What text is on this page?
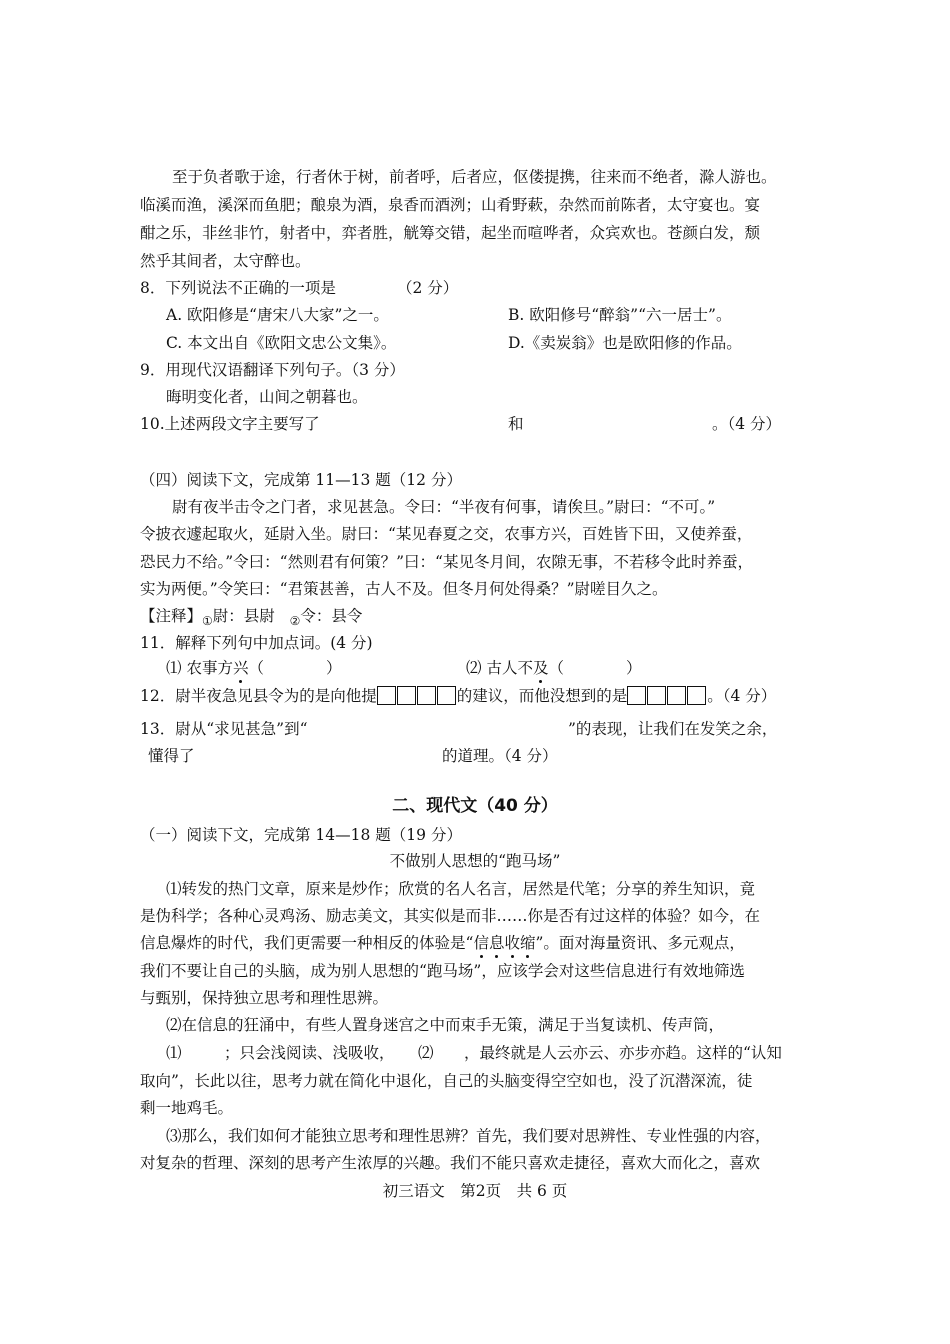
至于负者歌于途，行者休于树，前者呼，后者应，伛偻提携，往来而不绝者，滁人游也。
临溪而渔，溪深而鱼肥；酿泉为酒，泉香而酒洌；山肴野蔌，杂然而前陈者，太守宴也。宴
酣之乐，非丝非竹，射者中，弈者胜，觥筹交错，起坐而喧哗者，众宾欢也。苍颜白发，颓
然乎其间者，太守醉也。
8．下列说法不正确的一项是	（2 分）
A. 欧阳修是“唐宋八大家”之一。	B. 欧阳修号“醉翁”“六一居士”。
C. 本文出自《欧阳文忠公文集》。	D.《卖炭翁》也是欧阳修的作品。
9．用现代汉语翻译下列句子。（3 分）
晦明变化者，山间之朝暮也。
10.上述两段文字主要写了	和	。（4 分）
（四）阅读下文，完成第 11—13 题（12 分）
尉有夜半击令之门者，求见甚急。令曰：“半夜有何事，请俟旦。”尉曰：“不可。”
令披衣遽起取火，延尉入坐。尉曰：“某见春夏之交，农事方兴，百姓皆下田，又使养蚕，
恐民力不给。”令曰：“然则君有何策？”曰：“某见冬月间，农隙无事，不若移令此时养蚕，
实为两便。”令笑曰：“君策甚善，古人不及。但冬月何处得桑？”尉嗟目久之。
【注释】$_①$尉：县尉 $_②$令：县令
11．解释下列句中加点词。(4 分)
⑴ 农事方兴（　　　　）	⑵ 古人不及（　　　　）
12．尉半夜急见县令为的是向他提	的建议，而他没想到的是	。（4 分）
13．尉从“求见甚急”到“	”的表现，让我们在发笑之余，
懂得了	的道理。（4 分）
二、现代文（40 分）
（一）阅读下文，完成第 14—18 题（19 分）
不做别人思想的“跑马场”
⑴转发的热门文章，原来是炒作；欣赏的名人名言，居然是代笔；分享的养生知识，竟
是伪科学；各种心灵鸡汤、励志美文，其实似是而非……你是否有过这样的体验？如今，在
信息爆炸的时代，我们更需要一种相反的体验是“信息收缩”。面对海量资讯、多元观点，
我们不要让自己的头脑，成为别人思想的“跑马场”，应该学会对这些信息进行有效地筛选
与甄别，保持独立思考和理性思辨。
⑵在信息的狂涌中，有些人置身迷宫之中而束手无策，满足于当复读机、传声筒，
⑴	；只会浅阅读、浅吸收， ⑵ ，最终就是人云亦云、亦步亦趋。这样的“认知
取向”，长此以往，思考力就在简化中退化，自己的头脑变得空空如也，没了沉潜深流，徒
剩一地鸡毛。
⑶那么，我们如何才能独立思考和理性思辨？首先，我们要对思辨性、专业性强的内容，
对复杂的哲理、深刻的思考产生浓厚的兴趣。我们不能只喜欢走捷径，喜欢大而化之，喜欢
初三语文　第2页　共 6 页
